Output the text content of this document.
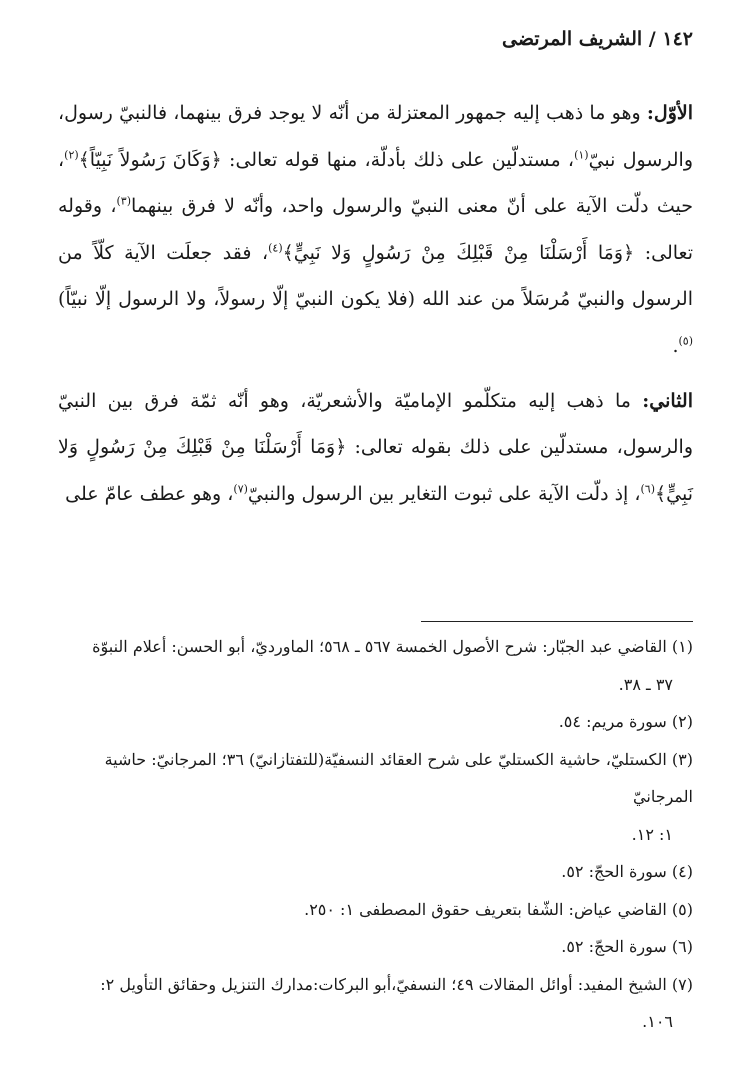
١٤٢ / الشريف المرتضى

الأوّل: وهو ما ذهب إليه جمهور المعتزلة من أنّه لا يوجد فرق بينهما، فالنبيّ رسول، والرسول نبيّ$^{(١)}$، مستدلّين على ذلك بأدلّة، منها قوله تعالى: ﴿وَكَانَ رَسُولاً نَبِيّاً﴾$^{(٢)}$، حيث دلّت الآية على أنّ معنى النبيّ والرسول واحد، وأنّه لا فرق بينهما$^{(٣)}$، وقوله تعالى: ﴿وَمَا أَرْسَلْنَا مِنْ قَبْلِكَ مِنْ رَسُولٍ وَلا نَبِيٍّ﴾$^{(٤)}$، فقد جعلَت الآية كلّاً من الرسول والنبيّ مُرسَلاً من عند الله (فلا يكون النبيّ إلّا رسولاً، ولا الرسول إلّا نبيّاً)$^{(٥)}$.

الثاني: ما ذهب إليه متكلّمو الإماميّة والأشعريّة، وهو أنّه ثمّة فرق بين النبيّ والرسول، مستدلّين على ذلك بقوله تعالى: ﴿وَمَا أَرْسَلْنَا مِنْ قَبْلِكَ مِنْ رَسُولٍ وَلا نَبِيٍّ﴾$^{(٦)}$، إذ دلّت الآية على ثبوت التغاير بين الرسول والنبيّ$^{(٧)}$، وهو عطف عامّ على

(١) القاضي عبد الجبّار: شرح الأصول الخمسة ٥٦٧ ـ ٥٦٨؛ الماورديّ، أبو الحسن: أعلام النبوّة

٣٧ ـ ٣٨.

(٢) سورة مريم: ٥٤.

(٣) الكستليّ، حاشية الكستليّ على شرح العقائد النسفيّة(للتفتازانيّ) ٣٦؛ المرجانيّ: حاشية المرجانيّ

١: ١٢.

(٤) سورة الحجّ: ٥٢.

(٥) القاضي عياض: الشّفا بتعريف حقوق المصطفى ١: ٢٥٠.

(٦) سورة الحجّ: ٥٢.

(٧) الشيخ المفيد: أوائل المقالات ٤٩؛ النسفيّ،أبو البركات:مدارك التنزيل وحقائق التأويل ٢:

١٠٦.
